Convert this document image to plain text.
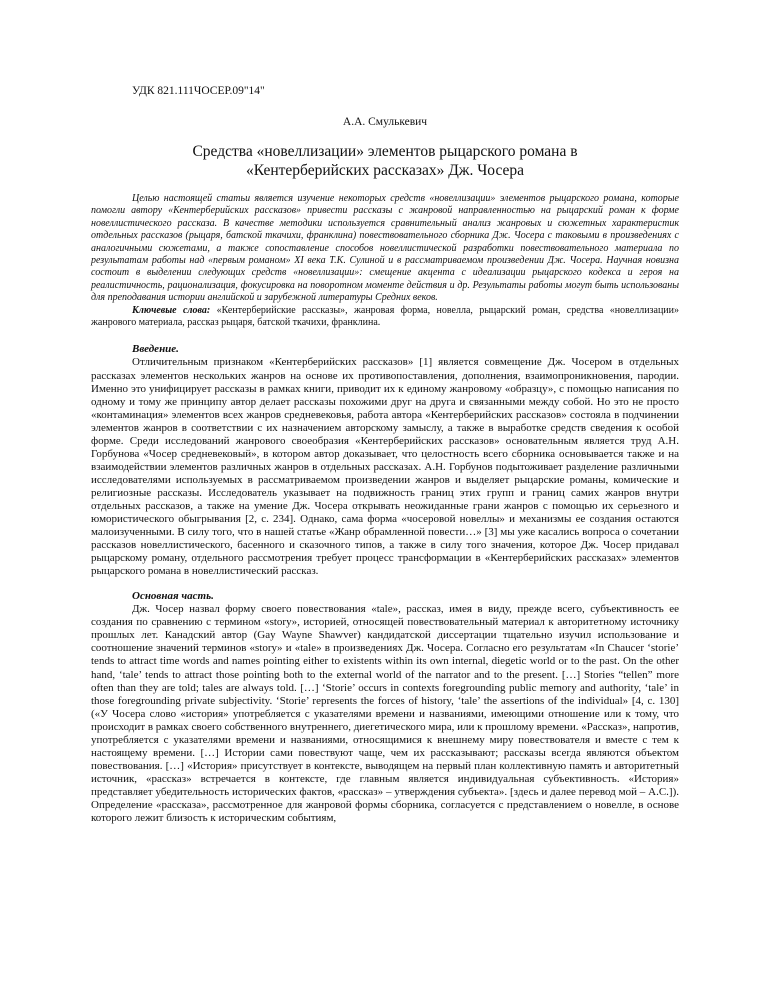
УДК 821.111ЧОСЕР.09"14"
А.А. Смулькевич
Средства «новеллизации» элементов рыцарского романа в «Кентерберийских рассказах» Дж. Чосера

Целью настоящей статьи является изучение некоторых средств «новеллизации» элементов рыцарского романа, которые помогли автору «Кентерберийских рассказов» привести рассказы с жанровой направленностью на рыцарский роман к форме новеллистического рассказа. В качестве методики используется сравнительный анализ жанровых и сюжетных характеристик отдельных рассказов (рыцаря, батской ткачихи, франклина) повествовательного сборника Дж. Чосера с таковыми в произведениях с аналогичными сюжетами, а также сопоставление способов новеллистической разработки повествовательного материала по результатам работы над «первым романом» XI века Т.К. Сулиной и в рассматриваемом произведении Дж. Чосера. Научная новизна состоит в выделении следующих средств «новеллизации»: смещение акцента с идеализации рыцарского кодекса и героя на реалистичность, рационализация, фокусировка на поворотном моменте действия и др. Результаты работы могут быть использованы для преподавания истории английской и зарубежной литературы Средних веков.

Ключевые слова: «Кентерберийские рассказы», жанровая форма, новелла, рыцарский роман, средства «новеллизации» жанрового материала, рассказ рыцаря, батской ткачихи, франклина.

Введение.

Отличительным признаком «Кентерберийских рассказов» [1] является совмещение Дж. Чосером в отдельных рассказах элементов нескольких жанров на основе их противопоставления, дополнения, взаимопроникновения, пародии. Именно это унифицирует рассказы в рамках книги, приводит их к единому жанровому «образцу», с помощью написания по одному и тому же принципу автор делает рассказы похожими друг на друга и связанными между собой. Но это не просто «контаминация» элементов всех жанров средневековья, работа автора «Кентерберийских рассказов» состояла в подчинении элементов жанров в соответствии с их назначением авторскому замыслу, а также в выработке средств сведения к особой форме. Среди исследований жанрового своеобразия «Кентерберийских рассказов» основательным является труд А.Н. Горбунова «Чосер средневековый», в котором автор доказывает, что целостность всего сборника основывается также и на взаимодействии элементов различных жанров в отдельных рассказах. А.Н. Горбунов подытоживает разделение различными исследователями используемых в рассматриваемом произведении жанров и выделяет рыцарские романы, комические и религиозные рассказы. Исследователь указывает на подвижность границ этих групп и границ самих жанров внутри отдельных рассказов, а также на умение Дж. Чосера открывать неожиданные грани жанров с помощью их серьезного и юмористического обыгрывания [2, с. 234]. Однако, сама форма «чосеровой новеллы» и механизмы ее создания остаются малоизученными. В силу того, что в нашей статье «Жанр обрамленной повести…» [3] мы уже касались вопроса о сочетании рассказов новеллистического, басенного и сказочного типов, а также в силу того значения, которое Дж. Чосер придавал рыцарскому роману, отдельного рассмотрения требует процесс трансформации в «Кентерберийских рассказах» элементов рыцарского романа в новеллистический рассказ.

Основная часть.

Дж. Чосер назвал форму своего повествования «tale», рассказ, имея в виду, прежде всего, субъективность ее создания по сравнению с термином «story», историей, относящей повествовательный материал к авторитетному источнику прошлых лет. Канадский автор (Gay Wayne Shawver) кандидатской диссертации тщательно изучил использование и соотношение значений терминов «story» и «tale» в произведениях Дж. Чосера. Согласно его результатам «In Chaucer ‘storie’ tends to attract time words and names pointing either to existents within its own internal, diegetic world or to the past. On the other hand, ‘tale’ tends to attract those pointing both to the external world of the narrator and to the present. […] Stories “tellen” more often than they are told; tales are always told. […] ‘Storie’ occurs in contexts foregrounding public memory and authority, ‘tale’ in those foregrounding private subjectivity. ‘Storie’ represents the forces of history, ‘tale’ the assertions of the individual» [4, c. 130] («У Чосера слово «история» употребляется с указателями времени и названиями, имеющими отношение или к тому, что происходит в рамках своего собственного внутреннего, диегетического мира, или к прошлому времени. «Рассказ», напротив, употребляется с указателями времени и названиями, относящимися к внешнему миру повествователя и вместе с тем к настоящему времени. […] Истории сами повествуют чаще, чем их рассказывают; рассказы всегда являются объектом повествования. […] «История» присутствует в контексте, выводящем на первый план коллективную память и авторитетный источник, «рассказ» встречается в контексте, где главным является индивидуальная субъективность. «История» представляет убедительность исторических фактов, «рассказ» – утверждения субъекта». [здесь и далее перевод мой – А.С.]). Определение «рассказа», рассмотренное для жанровой формы сборника, согласуется с представлением о новелле, в основе которого лежит близость к историческим событиям,
